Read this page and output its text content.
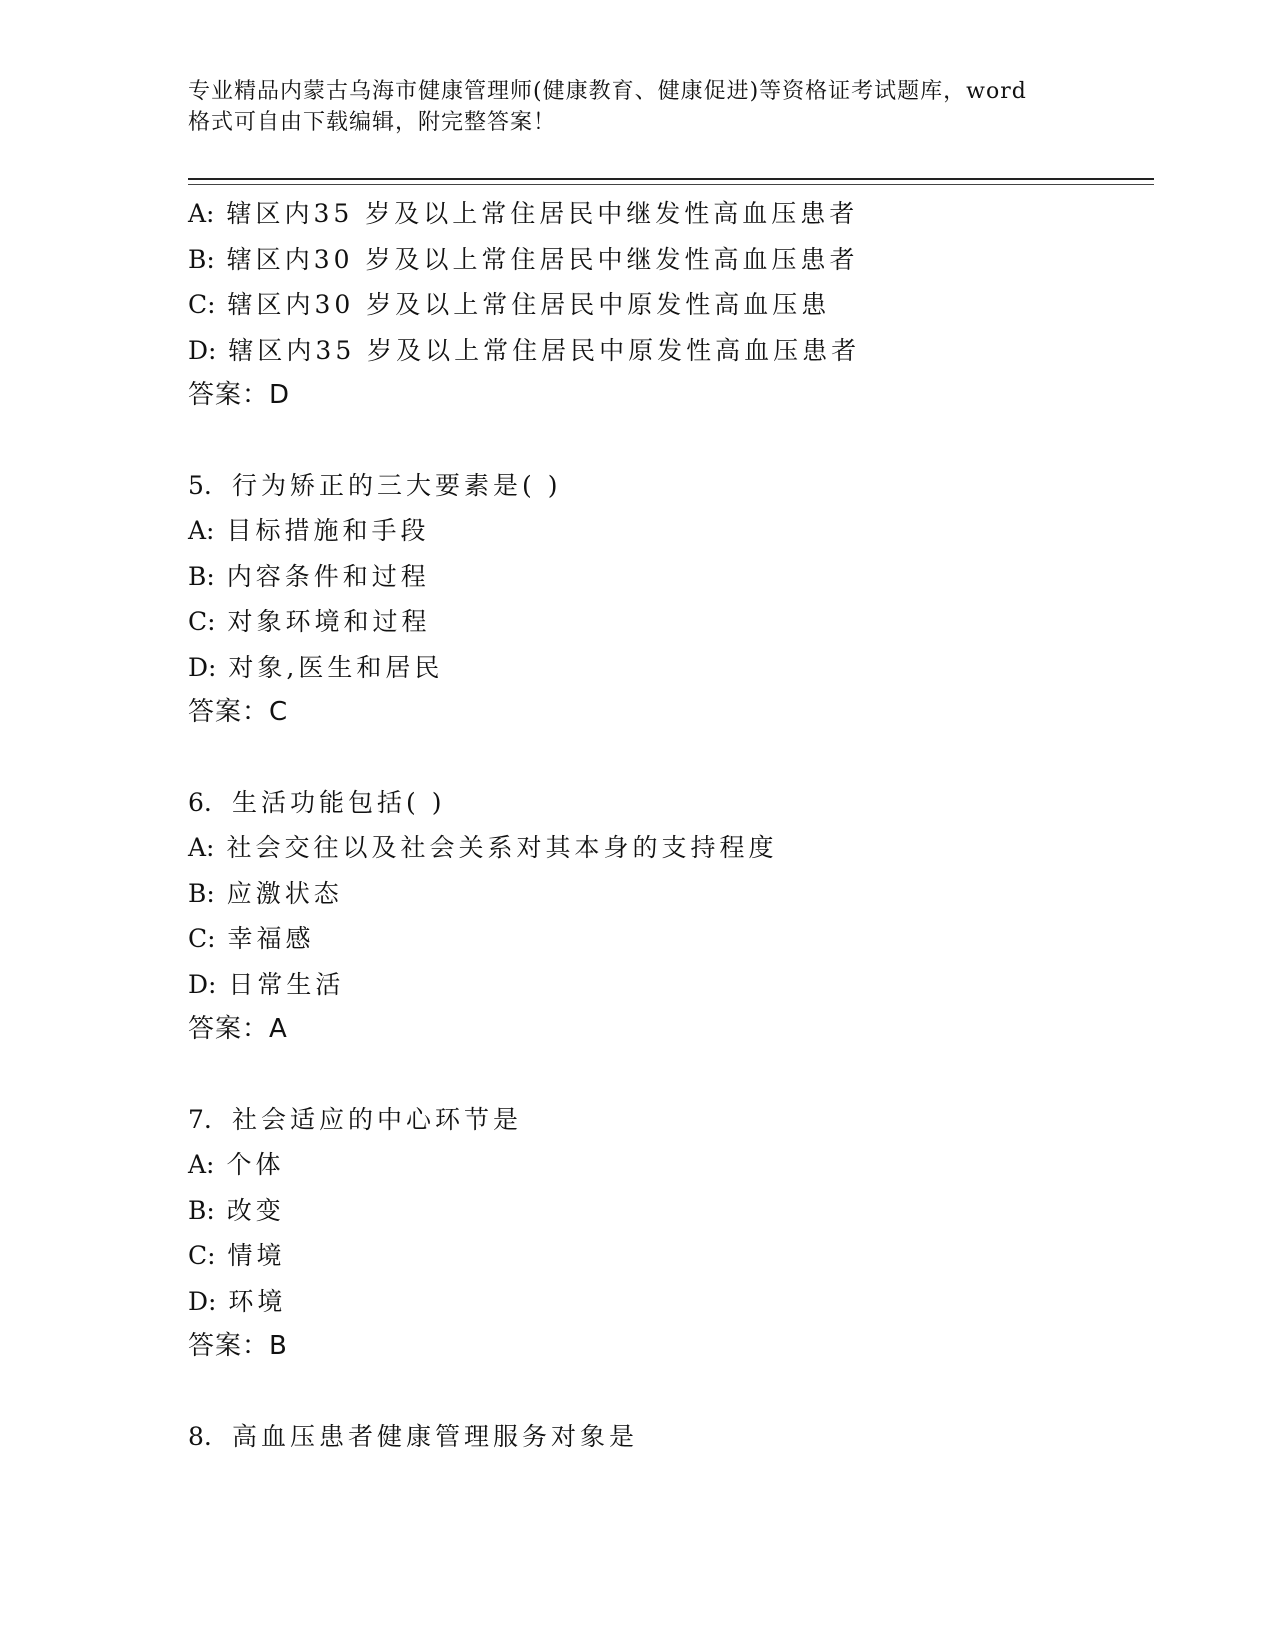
专业精品内蒙古乌海市健康管理师(健康教育、健康促进)等资格证考试题库，word
格式可自由下载编辑，附完整答案！
A: 辖区内35 岁及以上常住居民中继发性高血压患者
B: 辖区内30 岁及以上常住居民中继发性高血压患者
C: 辖区内30 岁及以上常住居民中原发性高血压患
D: 辖区内35 岁及以上常住居民中原发性高血压患者
答案：D
5. 行为矫正的三大要素是( )
A: 目标措施和手段
B: 内容条件和过程
C: 对象环境和过程
D: 对象,医生和居民
答案：C
6. 生活功能包括( )
A: 社会交往以及社会关系对其本身的支持程度
B: 应激状态
C: 幸福感
D: 日常生活
答案：A
7. 社会适应的中心环节是
A: 个体
B: 改变
C: 情境
D: 环境
答案：B
8. 高血压患者健康管理服务对象是
